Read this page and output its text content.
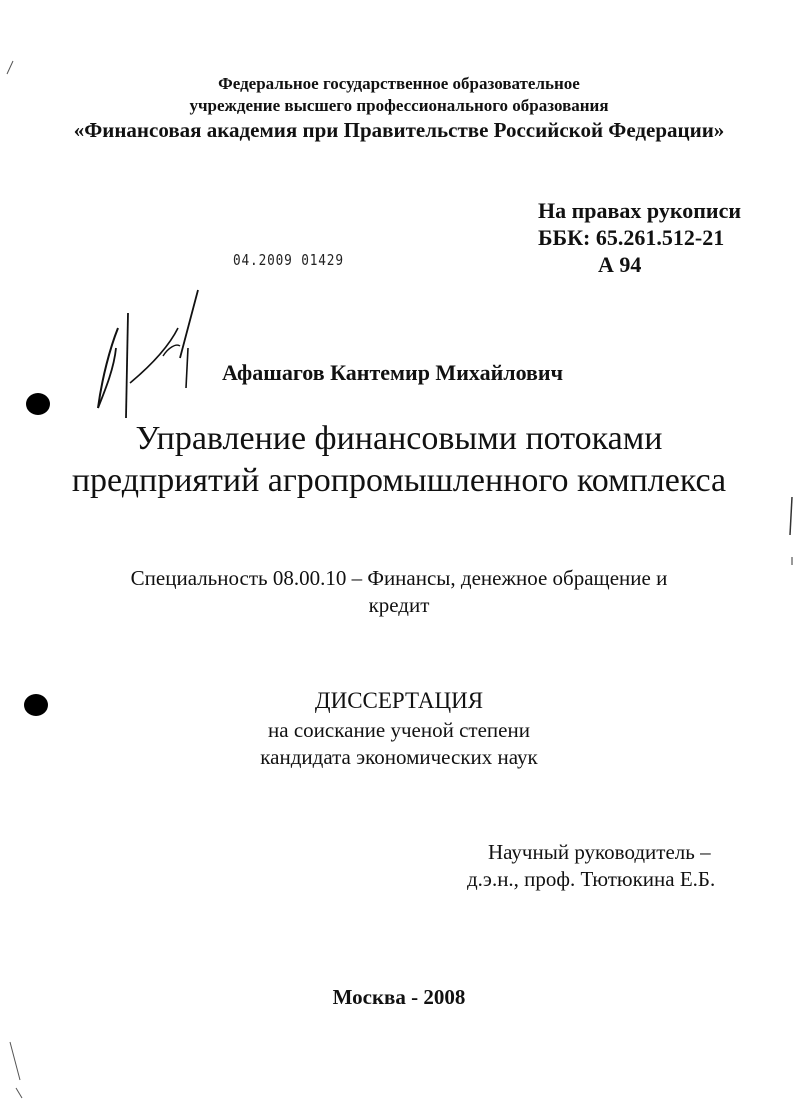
Федеральное государственное образовательное
учреждение высшего профессионального образования
«Финансовая академия при Правительстве Российской Федерации»
На правах рукописи
ББК: 65.261.512-21
А 94
04.2009 01429
Афашагов Кантемир Михайлович
Управление финансовыми потоками
предприятий агропромышленного комплекса
Специальность 08.00.10 – Финансы, денежное обращение и
кредит
ДИССЕРТАЦИЯ
на соискание ученой степени
кандидата экономических наук
Научный руководитель –
д.э.н., проф. Тютюкина Е.Б.
Москва - 2008
